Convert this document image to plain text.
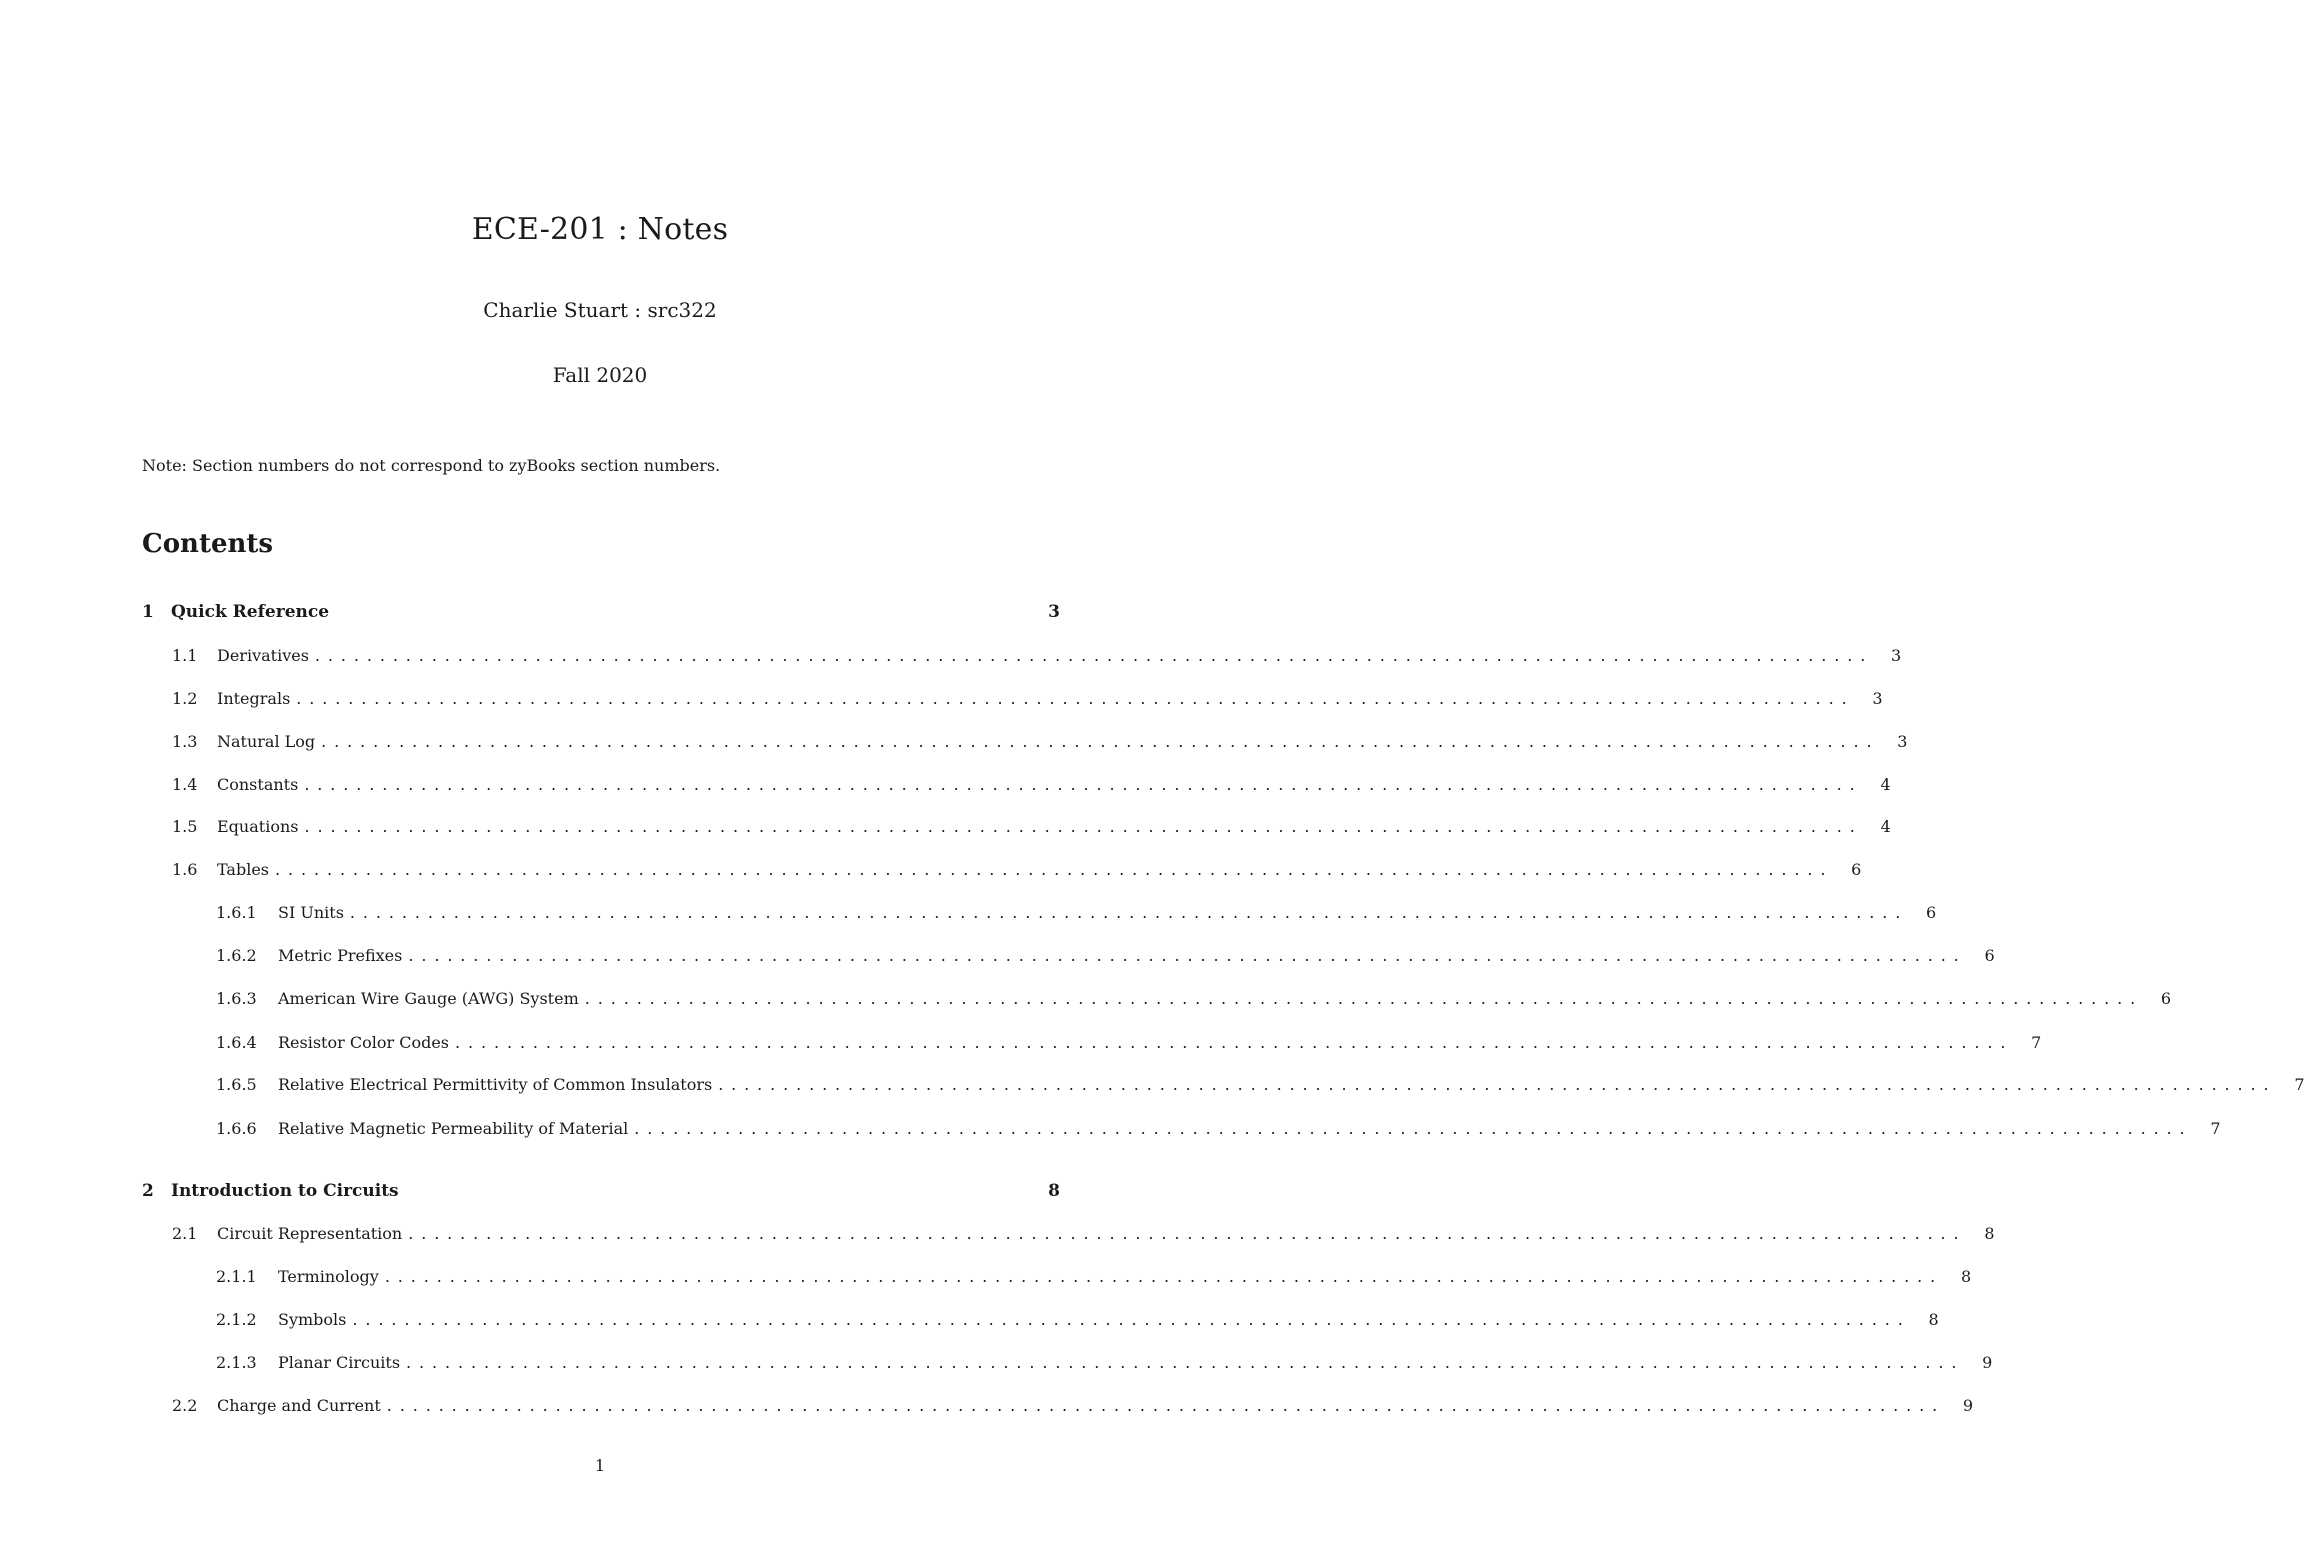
ECE-201 : Notes
Charlie Stuart : src322
Fall 2020
Note: Section numbers do not correspond to zyBooks section numbers.
Contents
1	Quick Reference	3
1.1	Derivatives ........................................................................................................................	3
1.2	Integrals ........................................................................................................................	3
1.3	Natural Log ........................................................................................................................	3
1.4	Constants ........................................................................................................................	4
1.5	Equations ........................................................................................................................	4
1.6	Tables ........................................................................................................................	6
1.6.1	SI Units ........................................................................................................................	6
1.6.2	Metric Prefixes ........................................................................................................................	6
1.6.3	American Wire Gauge (AWG) System ........................................................................................................................	6
1.6.4	Resistor Color Codes ........................................................................................................................	7
1.6.5	Relative Electrical Permittivity of Common Insulators ........................................................................................................................	7
1.6.6	Relative Magnetic Permeability of Material ........................................................................................................................	7
2	Introduction to Circuits	8
2.1	Circuit Representation ........................................................................................................................	8
2.1.1	Terminology ........................................................................................................................	8
2.1.2	Symbols ........................................................................................................................	8
2.1.3	Planar Circuits ........................................................................................................................	9
2.2	Charge and Current ........................................................................................................................	9
1
